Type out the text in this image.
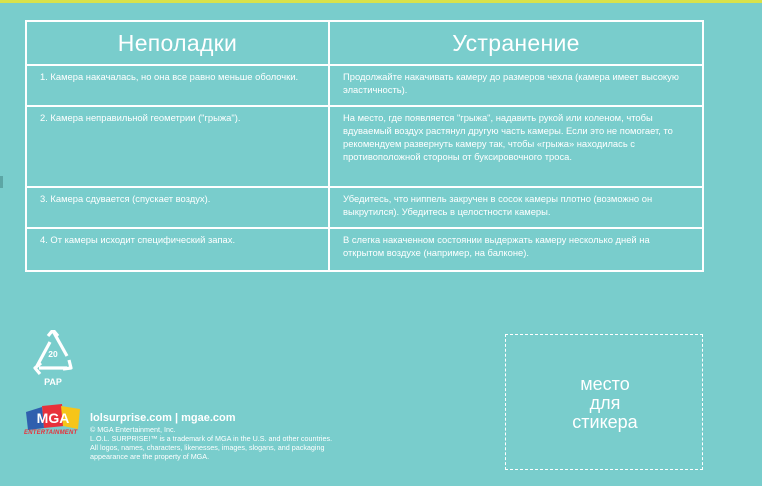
Неполадки	Устранение
1. Камера накачалась, но она все равно меньше оболочки.	Продолжайте накачивать камеру до размеров чехла (камера имеет высокую эластичность).
2. Камера неправильной геометрии ("грыжа").	На место, где появляется "грыжа", надавить рукой или коленом, чтобы вдуваемый воздух растянул другую часть камеры. Если это не помогает, то рекомендуем развернуть камеру так, чтобы «грыжа» находилась с противоположной стороны от буксировочного троса.
3. Камера сдувается (спускает воздух).	Убедитесь, что ниппель закручен в сосок камеры плотно (возможно он выкрутился). Убедитесь в целостности камеры.
4. От камеры исходит специфический запах.	В слегка накаченном состоянии выдержать камеру несколько дней на открытом воздухе (например, на балконе).
20
PAP
MGA
ENTERTAINMENT
lolsurprise.com | mgae.com
© MGA Entertainment, Inc.
L.O.L. SURPRISE!™ is a trademark of MGA in the U.S. and other countries.
All logos, names, characters, likenesses, images, slogans, and packaging
appearance are the property of MGA.
место
для
стикера
